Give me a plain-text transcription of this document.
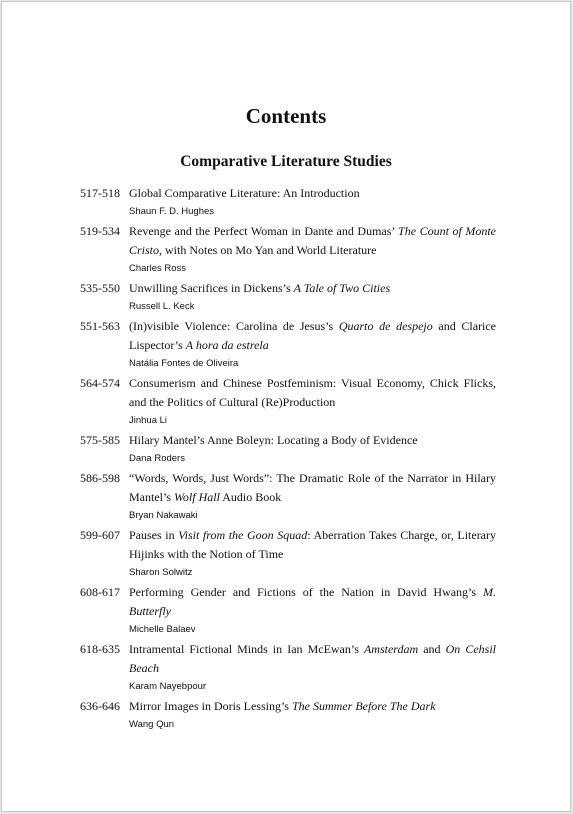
Contents
Comparative Literature Studies
517-518 Global Comparative Literature: An Introduction
Shaun F. D. Hughes
519-534 Revenge and the Perfect Woman in Dante and Dumas’ The Count of Monte Cristo, with Notes on Mo Yan and World Literature
Charles Ross
535-550 Unwilling Sacrifices in Dickens’s A Tale of Two Cities
Russell L. Keck
551-563 (In)visible Violence: Carolina de Jesus’s Quarto de despejo and Clarice Lispector’s A hora da estrela
Natália Fontes de Oliveira
564-574 Consumerism and Chinese Postfeminism: Visual Economy, Chick Flicks, and the Politics of Cultural (Re)Production
Jinhua Li
575-585 Hilary Mantel’s Anne Boleyn: Locating a Body of Evidence
Dana Roders
586-598 “Words, Words, Just Words”: The Dramatic Role of the Narrator in Hilary Mantel’s Wolf Hall Audio Book
Bryan Nakawaki
599-607 Pauses in Visit from the Goon Squad: Aberration Takes Charge, or, Literary Hijinks with the Notion of Time
Sharon Solwitz
608-617 Performing Gender and Fictions of the Nation in David Hwang’s M. Butterfly
Michelle Balaev
618-635 Intramental Fictional Minds in Ian McEwan’s Amsterdam and On Cehsil Beach
Karam Nayebpour
636-646 Mirror Images in Doris Lessing’s The Summer Before The Dark
Wang Qun
